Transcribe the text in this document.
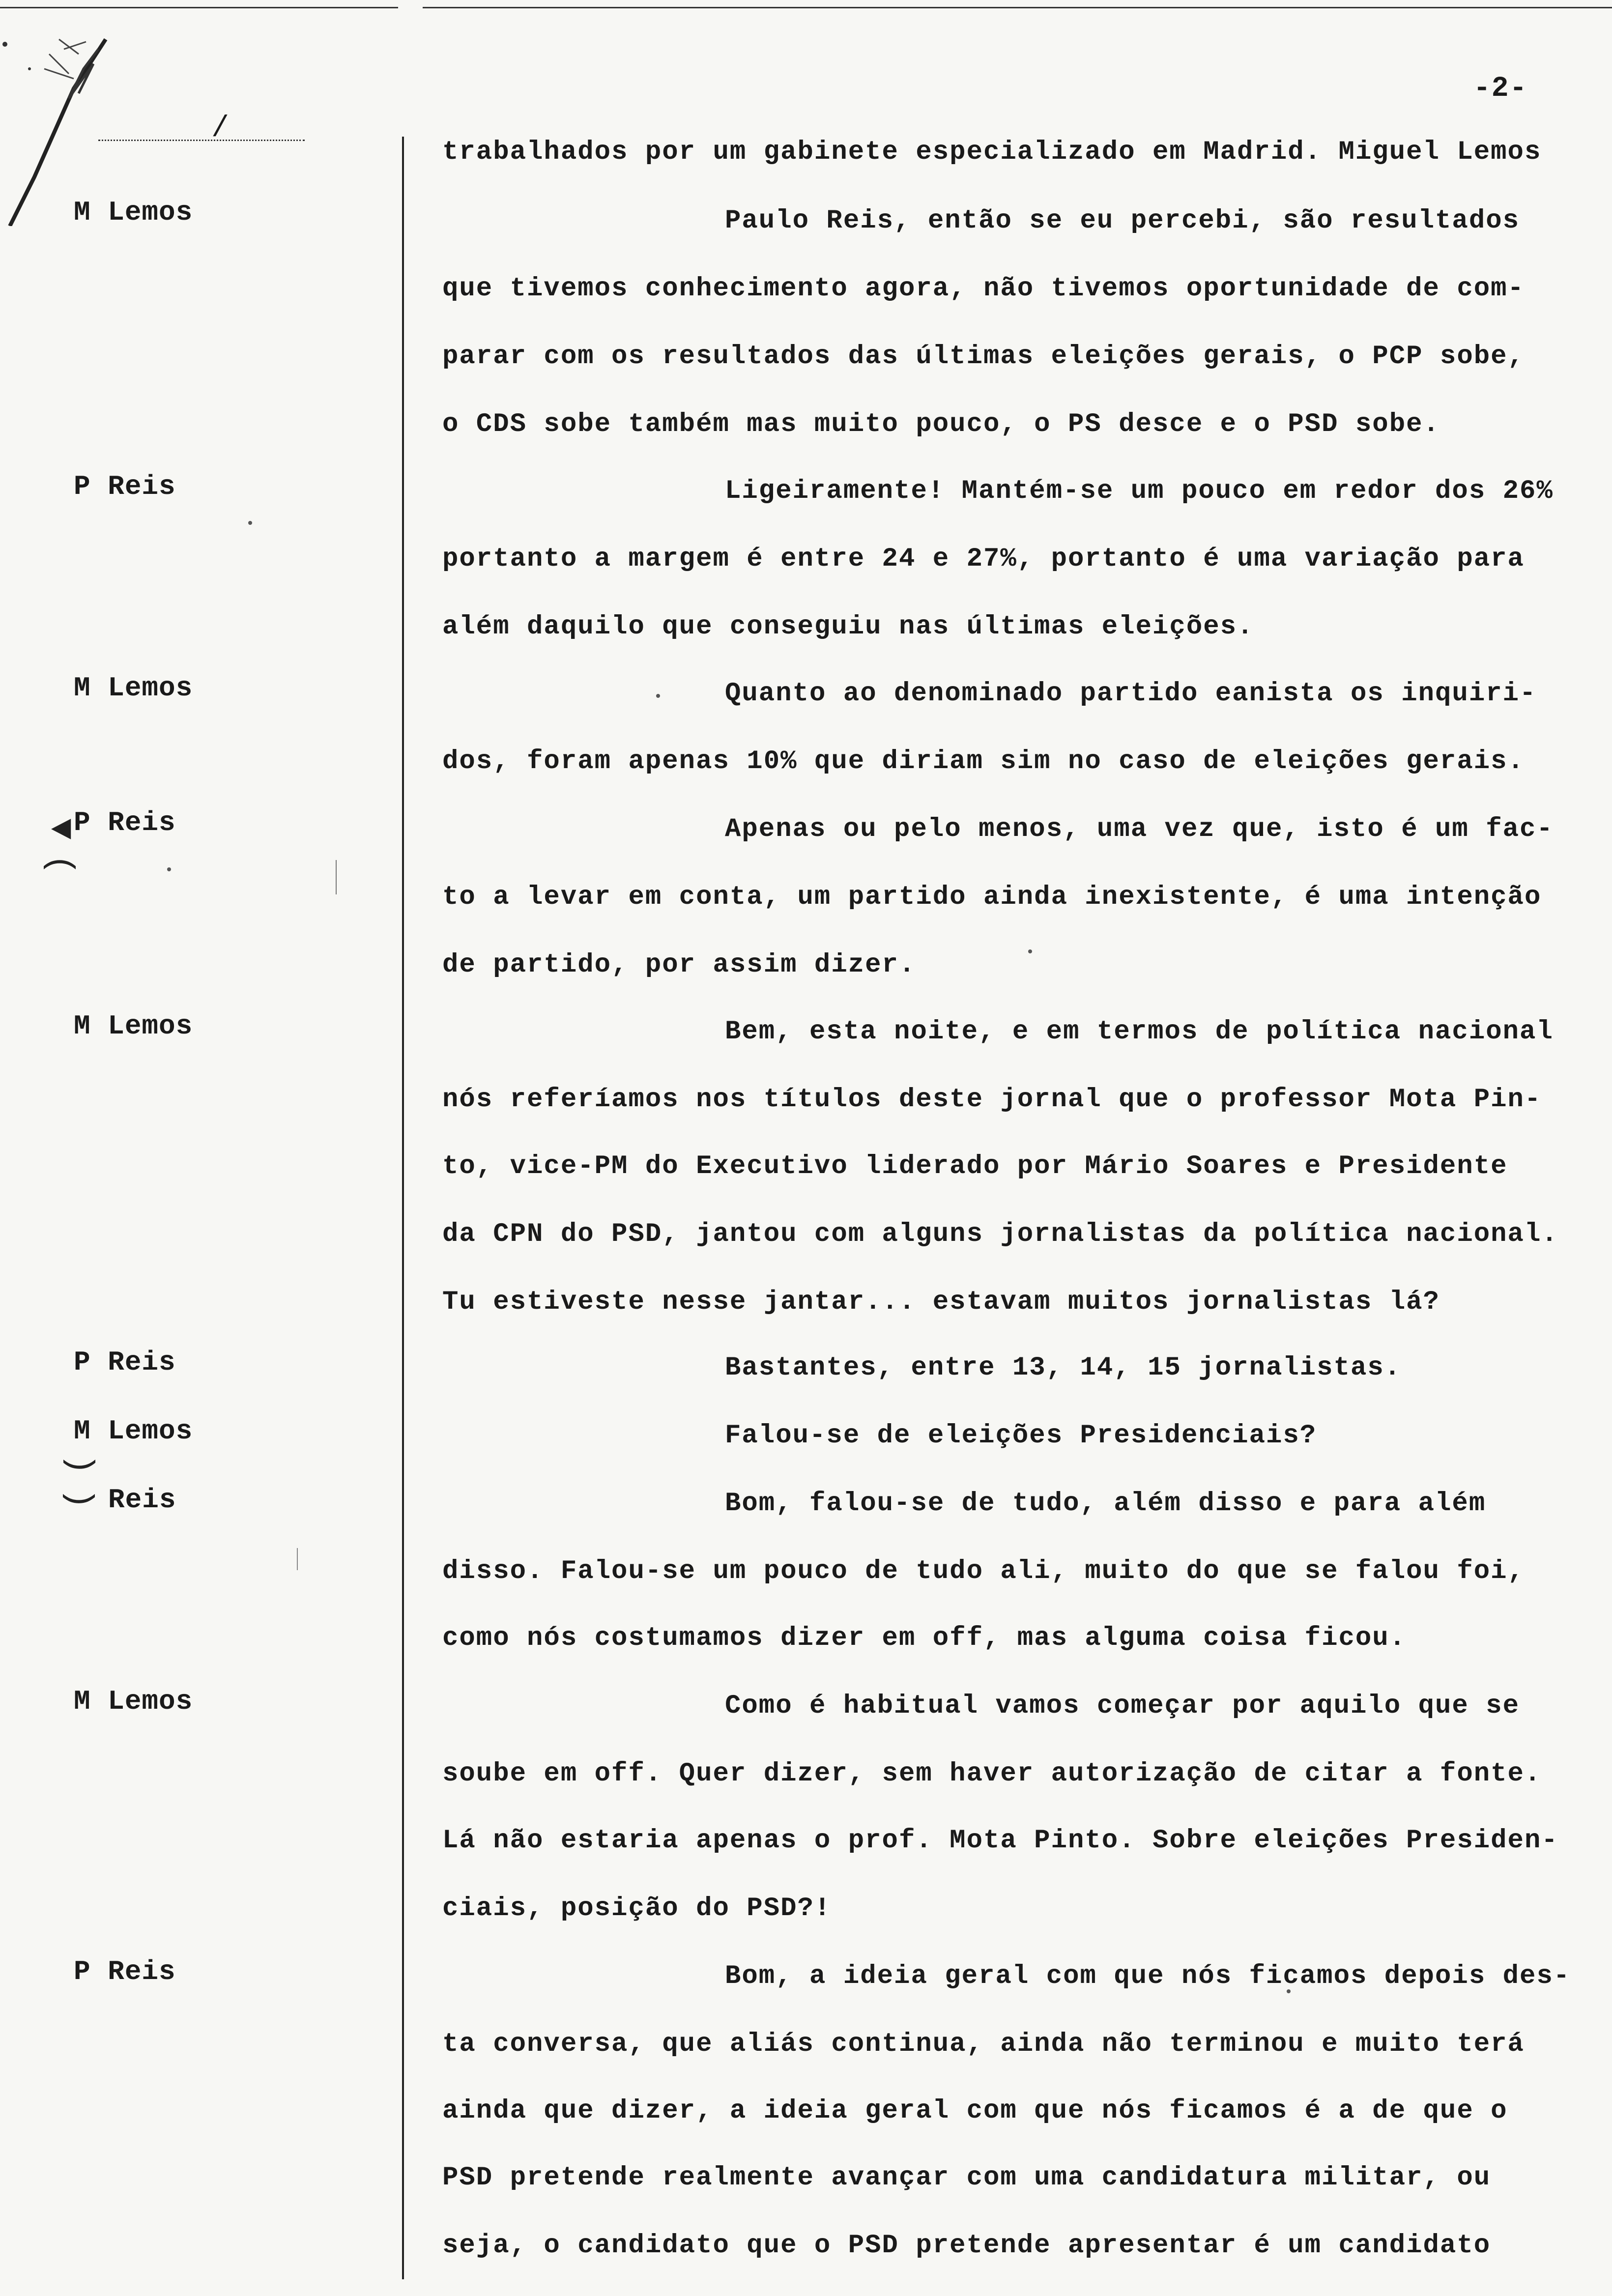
/
-2-
M Lemos
P Reis
M Lemos
P Reis
M Lemos
P Reis
M Lemos
Reis
M Lemos
P Reis
◄
(
)
(
trabalhados por um gabinete especializado em Madrid. Miguel Lemos
Paulo Reis, então se eu percebi, são resultados
que tivemos conhecimento agora, não tivemos oportunidade de com-
parar com os resultados das últimas eleições gerais, o PCP sobe,
o CDS sobe também mas muito pouco, o PS desce e o PSD sobe.
Ligeiramente! Mantém-se um pouco em redor dos 26%
portanto a margem é entre 24 e 27%, portanto é uma variação para
além daquilo que conseguiu nas últimas eleições.
Quanto ao denominado partido eanista os inquiri-
dos, foram apenas 10% que diriam sim no caso de eleições gerais.
Apenas ou pelo menos, uma vez que, isto é um fac-
to a levar em conta, um partido ainda inexistente, é uma intenção
de partido, por assim dizer.
Bem, esta noite, e em termos de política nacional
nós referíamos nos títulos deste jornal que o professor Mota Pin-
to, vice-PM do Executivo liderado por Mário Soares e Presidente
da CPN do PSD, jantou com alguns jornalistas da política nacional.
Tu estiveste nesse jantar... estavam muitos jornalistas lá?
Bastantes, entre 13, 14, 15 jornalistas.
Falou-se de eleições Presidenciais?
Bom, falou-se de tudo, além disso e para além
disso. Falou-se um pouco de tudo ali, muito do que se falou foi,
como nós costumamos dizer em off, mas alguma coisa ficou.
Como é habitual vamos começar por aquilo que se
soube em off. Quer dizer, sem haver autorização de citar a fonte.
Lá não estaria apenas o prof. Mota Pinto. Sobre eleições Presiden-
ciais, posição do PSD?!
Bom, a ideia geral com que nós ficamos depois des-
ta conversa, que aliás continua, ainda não terminou e muito terá
ainda que dizer, a ideia geral com que nós ficamos é a de que o
PSD pretende realmente avançar com uma candidatura militar, ou
seja, o candidato que o PSD pretende apresentar é um candidato
